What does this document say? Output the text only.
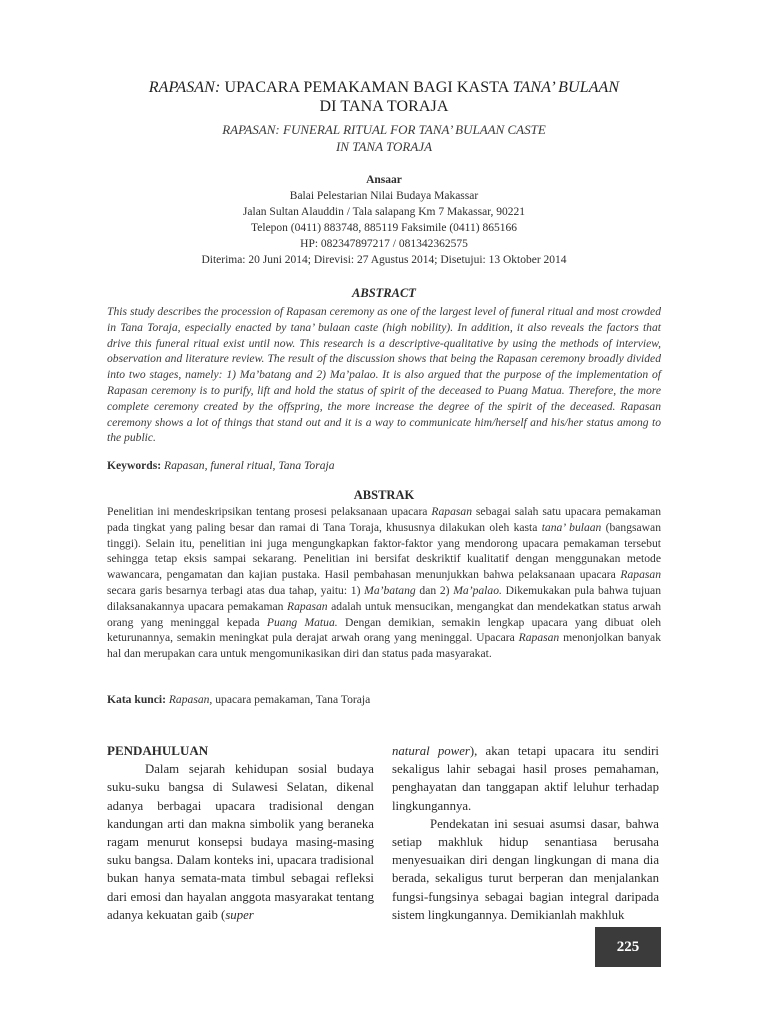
RAPASAN: UPACARA PEMAKAMAN BAGI KASTA TANA’ BULAAN
DI TANA TORAJA
RAPASAN: FUNERAL RITUAL FOR TANA’ BULAAN CASTE
IN TANA TORAJA
Ansaar
Balai Pelestarian Nilai Budaya Makassar
Jalan Sultan Alauddin / Tala salapang Km 7 Makassar, 90221
Telepon (0411) 883748, 885119 Faksimile (0411) 865166
HP: 082347897217 / 081342362575
Diterima: 20 Juni 2014; Direvisi: 27 Agustus 2014; Disetujui: 13 Oktober 2014
ABSTRACT
This study describes the procession of Rapasan ceremony as one of the largest level of funeral ritual and most crowded in Tana Toraja, especially enacted by tana’ bulaan caste (high nobility). In addition, it also reveals the factors that drive this funeral ritual exist until now. This research is a descriptive-qualitative by using the methods of interview, observation and literature review. The result of the discussion shows that being the Rapasan ceremony broadly divided into two stages, namely: 1) Ma’batang and 2) Ma’palao. It is also argued that the purpose of the implementation of Rapasan ceremony is to purify, lift and hold the status of spirit of the deceased to Puang Matua. Therefore, the more complete ceremony created by the offspring, the more increase the degree of the spirit of the deceased. Rapasan ceremony shows a lot of things that stand out and it is a way to communicate him/herself and his/her status among to the public.
Keywords: Rapasan, funeral ritual, Tana Toraja
ABSTRAK
Penelitian ini mendeskripsikan tentang prosesi pelaksanaan upacara Rapasan sebagai salah satu upacara pemakaman pada tingkat yang paling besar dan ramai di Tana Toraja, khususnya dilakukan oleh kasta tana’ bulaan (bangsawan tinggi). Selain itu, penelitian ini juga mengungkapkan faktor-faktor yang mendorong upacara pemakaman tersebut sehingga tetap eksis sampai sekarang. Penelitian ini bersifat deskriktif kualitatif dengan menggunakan metode wawancara, pengamatan dan kajian pustaka. Hasil pembahasan menunjukkan bahwa pelaksanaan upacara Rapasan secara garis besarnya terbagi atas dua tahap, yaitu: 1) Ma’batang dan 2) Ma’palao. Dikemukakan pula bahwa tujuan dilaksanakannya upacara pemakaman Rapasan adalah untuk mensucikan, mengangkat dan mendekatkan status arwah orang yang meninggal kepada Puang Matua. Dengan demikian, semakin lengkap upacara yang dibuat oleh keturunannya, semakin meningkat pula derajat arwah orang yang meninggal. Upacara Rapasan menonjolkan banyak hal dan merupakan cara untuk mengomunikasikan diri dan status pada masyarakat.
Kata kunci: Rapasan, upacara pemakaman, Tana Toraja
PENDAHULUAN

Dalam sejarah kehidupan sosial budaya suku-suku bangsa di Sulawesi Selatan, dikenal adanya berbagai upacara tradisional dengan kandungan arti dan makna simbolik yang beraneka ragam menurut konsepsi budaya masing-masing suku bangsa. Dalam konteks ini, upacara tradisional bukan hanya semata-mata timbul sebagai refleksi dari emosi dan hayalan anggota masyarakat tentang adanya kekuatan gaib (super

natural power), akan tetapi upacara itu sendiri sekaligus lahir sebagai hasil proses pemahaman, penghayatan dan tanggapan aktif leluhur terhadap lingkungannya.

Pendekatan ini sesuai asumsi dasar, bahwa setiap makhluk hidup senantiasa berusaha menyesuaikan diri dengan lingkungan di mana dia berada, sekaligus turut berperan dan menjalankan fungsi-fungsinya sebagai bagian integral daripada sistem lingkungannya. Demikianlah makhluk

225
